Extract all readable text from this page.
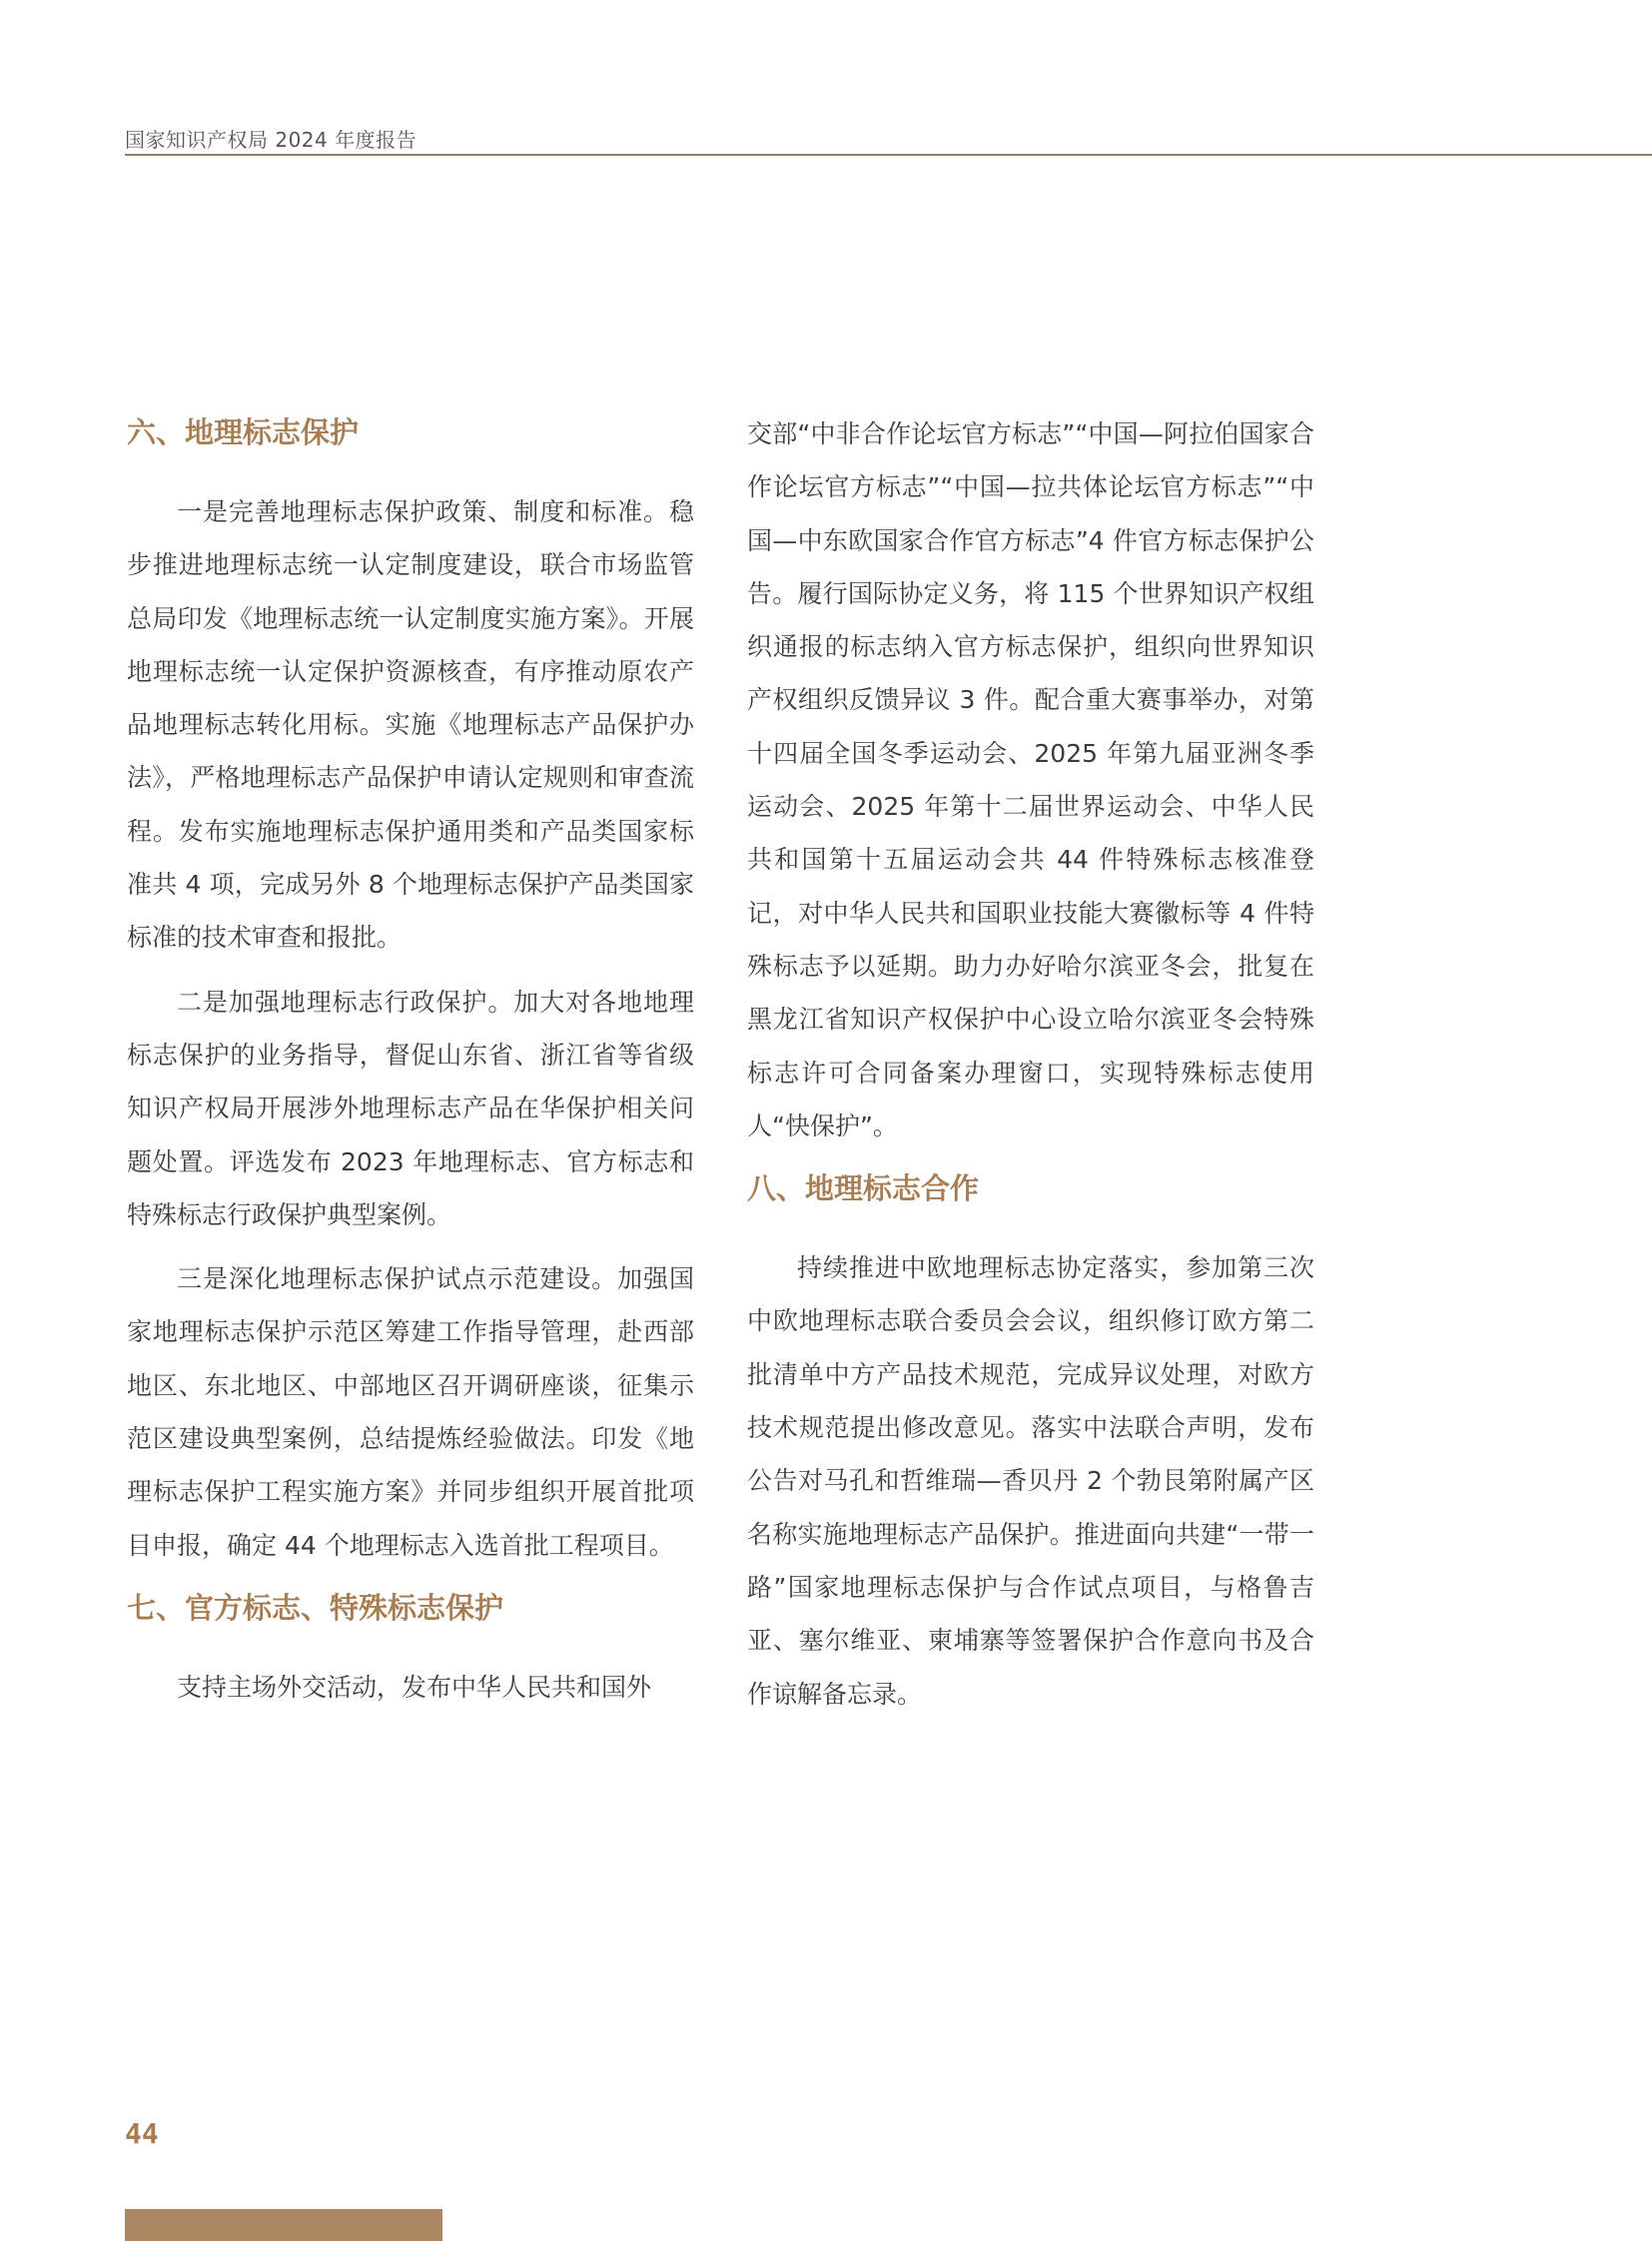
国家知识产权局 2024 年度报告
六、地理标志保护

一是完善地理标志保护政策、制度和标准。稳步推进地理标志统一认定制度建设，联合市场监管总局印发《地理标志统一认定制度实施方案》。开展地理标志统一认定保护资源核查，有序推动原农产品地理标志转化用标。实施《地理标志产品保护办法》，严格地理标志产品保护申请认定规则和审查流程。发布实施地理标志保护通用类和产品类国家标准共 4 项，完成另外 8 个地理标志保护产品类国家标准的技术审查和报批。

二是加强地理标志行政保护。加大对各地地理标志保护的业务指导，督促山东省、浙江省等省级知识产权局开展涉外地理标志产品在华保护相关问题处置。评选发布 2023 年地理标志、官方标志和特殊标志行政保护典型案例。

三是深化地理标志保护试点示范建设。加强国家地理标志保护示范区筹建工作指导管理，赴西部地区、东北地区、中部地区召开调研座谈，征集示范区建设典型案例，总结提炼经验做法。印发《地理标志保护工程实施方案》并同步组织开展首批项目申报，确定 44 个地理标志入选首批工程项目。

七、官方标志、特殊标志保护

支持主场外交活动，发布中华人民共和国外

交部“中非合作论坛官方标志”“中国—阿拉伯国家合作论坛官方标志”“中国—拉共体论坛官方标志”“中国—中东欧国家合作官方标志”4 件官方标志保护公告。履行国际协定义务，将 115 个世界知识产权组织通报的标志纳入官方标志保护，组织向世界知识产权组织反馈异议 3 件。配合重大赛事举办，对第十四届全国冬季运动会、2025 年第九届亚洲冬季运动会、2025 年第十二届世界运动会、中华人民共和国第十五届运动会共 44 件特殊标志核准登记，对中华人民共和国职业技能大赛徽标等 4 件特殊标志予以延期。助力办好哈尔滨亚冬会，批复在黑龙江省知识产权保护中心设立哈尔滨亚冬会特殊标志许可合同备案办理窗口，实现特殊标志使用人“快保护”。

八、地理标志合作

持续推进中欧地理标志协定落实，参加第三次中欧地理标志联合委员会会议，组织修订欧方第二批清单中方产品技术规范，完成异议处理，对欧方技术规范提出修改意见。落实中法联合声明，发布公告对马孔和哲维瑞—香贝丹 2 个勃艮第附属产区名称实施地理标志产品保护。推进面向共建“一带一路”国家地理标志保护与合作试点项目，与格鲁吉亚、塞尔维亚、柬埔寨等签署保护合作意向书及合作谅解备忘录。

44
